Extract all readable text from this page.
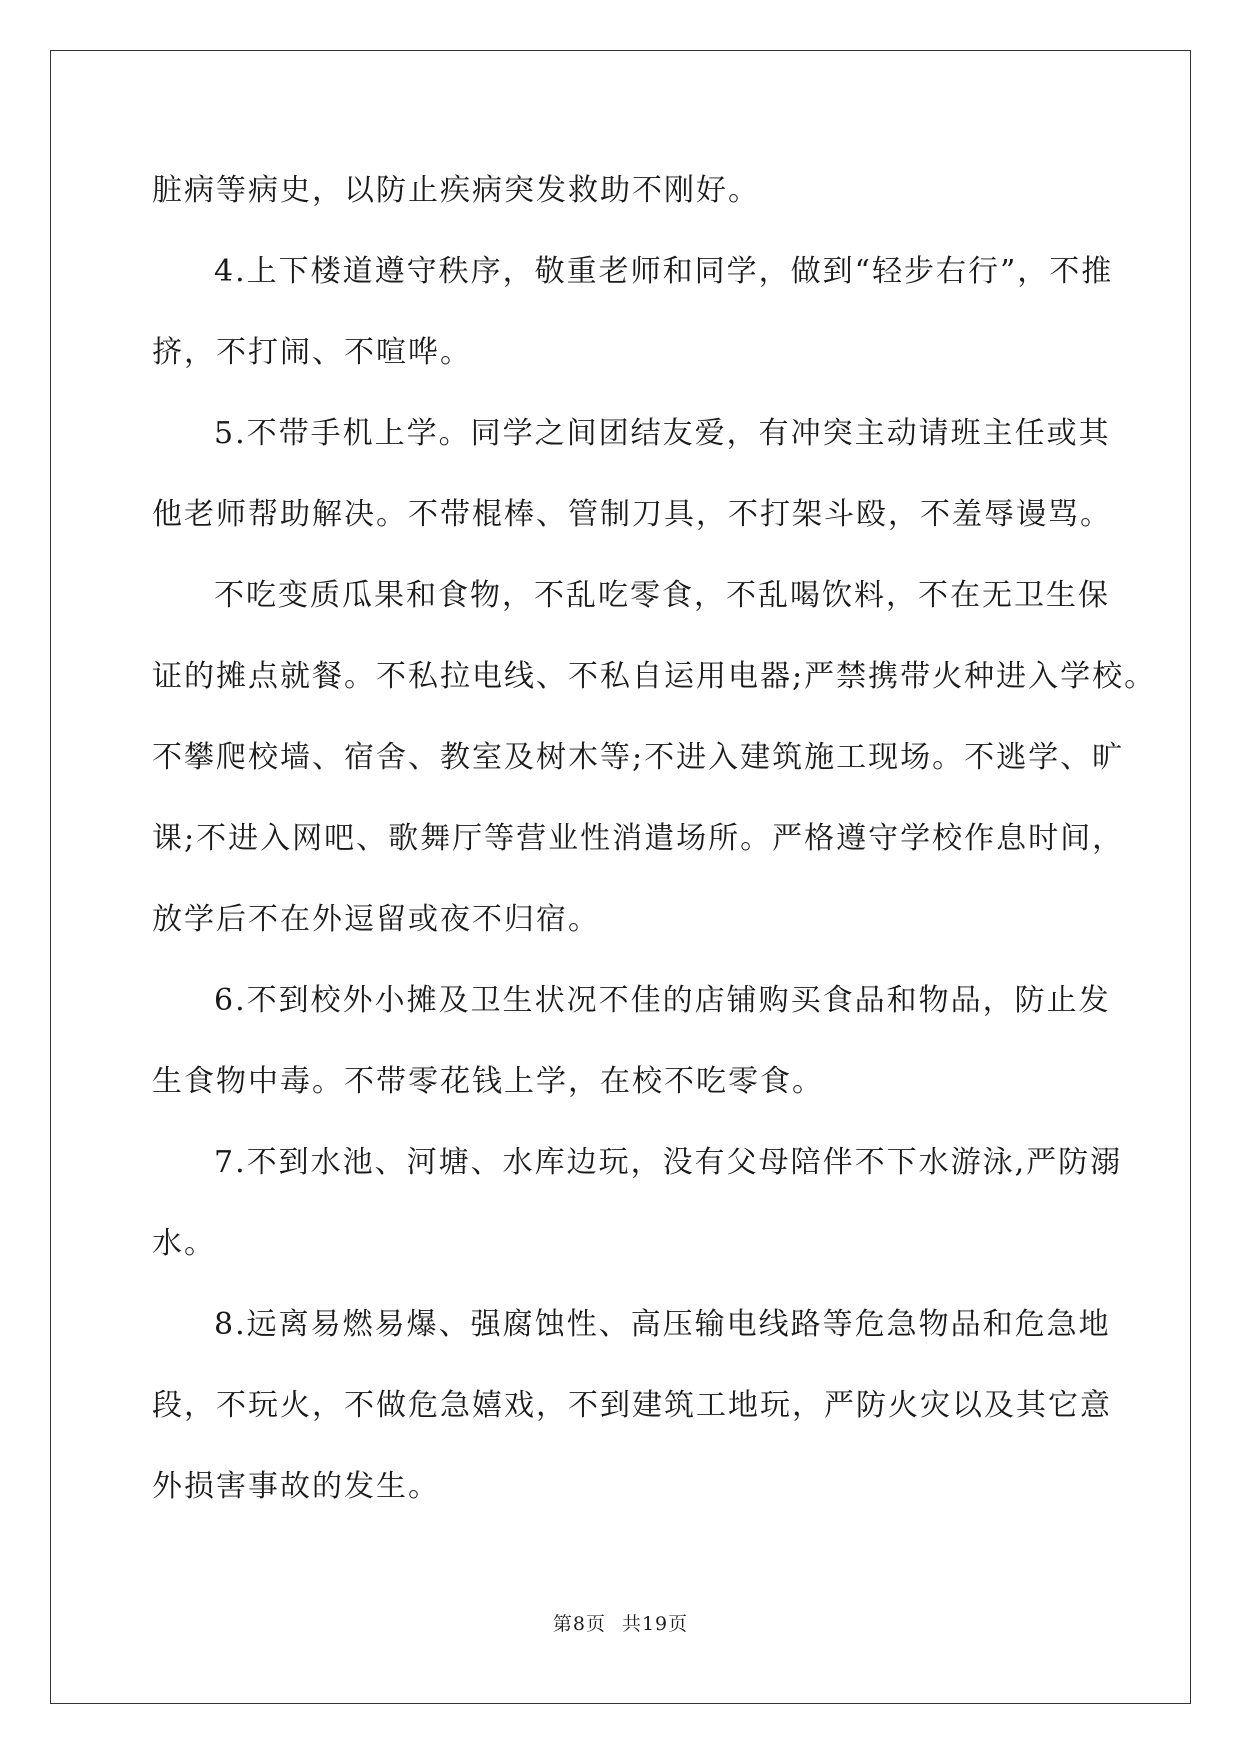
脏病等病史，以防止疾病突发救助不刚好。
4.上下楼道遵守秩序，敬重老师和同学，做到“轻步右行”，不推
挤，不打闹、不喧哗。
5.不带手机上学。同学之间团结友爱，有冲突主动请班主任或其
他老师帮助解决。不带棍棒、管制刀具，不打架斗殴，不羞辱谩骂。
不吃变质瓜果和食物，不乱吃零食，不乱喝饮料，不在无卫生保
证的摊点就餐。不私拉电线、不私自运用电器;严禁携带火种进入学校。
不攀爬校墙、宿舍、教室及树木等;不进入建筑施工现场。不逃学、旷
课;不进入网吧、歌舞厅等营业性消遣场所。严格遵守学校作息时间，
放学后不在外逗留或夜不归宿。
6.不到校外小摊及卫生状况不佳的店铺购买食品和物品，防止发
生食物中毒。不带零花钱上学，在校不吃零食。
7.不到水池、河塘、水库边玩，没有父母陪伴不下水游泳,严防溺
水。
8.远离易燃易爆、强腐蚀性、高压输电线路等危急物品和危急地
段，不玩火，不做危急嬉戏，不到建筑工地玩，严防火灾以及其它意
外损害事故的发生。
第8页 共19页
